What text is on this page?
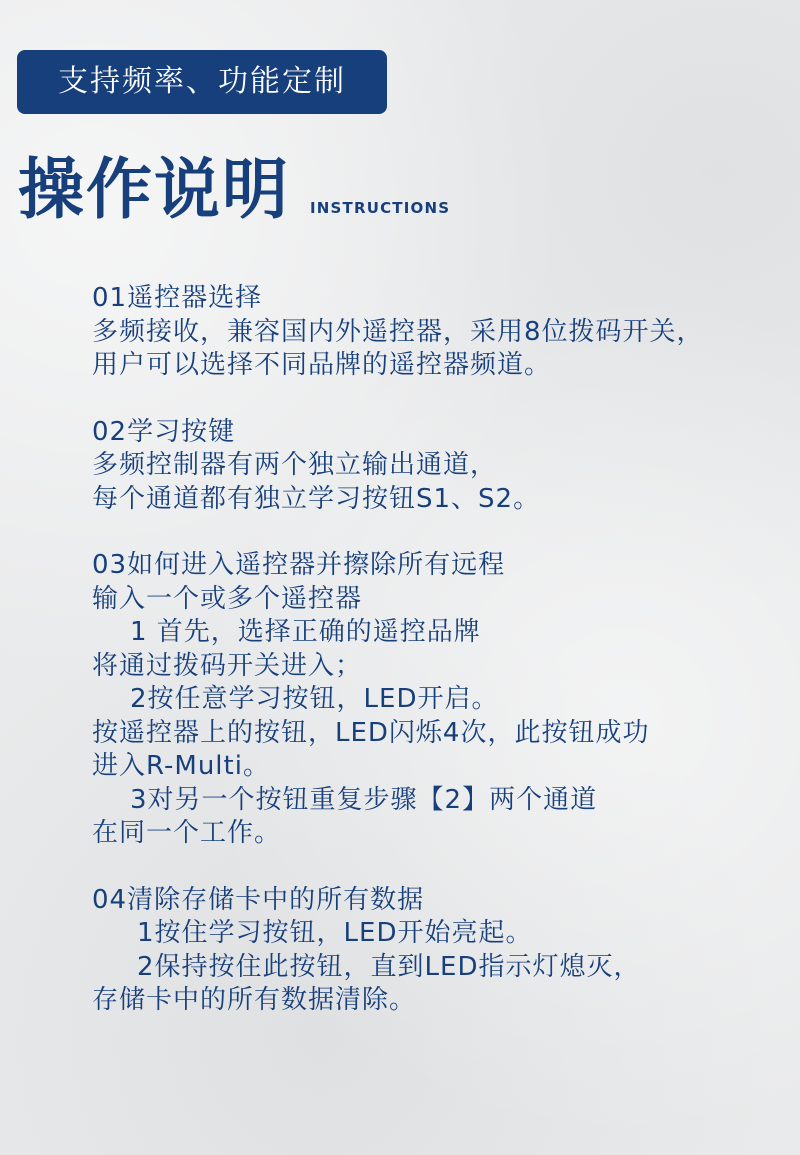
支持频率、功能定制
操作说明 INSTRUCTIONS
01遥控器选择
多频接收，兼容国内外遥控器，采用8位拨码开关，
用户可以选择不同品牌的遥控器频道。
02学习按键
多频控制器有两个独立输出通道，
每个通道都有独立学习按钮S1、S2。
03如何进入遥控器并擦除所有远程
输入一个或多个遥控器
1 首先，选择正确的遥控品牌
将通过拨码开关进入；
2按任意学习按钮，LED开启。
按遥控器上的按钮，LED闪烁4次，此按钮成功
进入R-Multi。
3对另一个按钮重复步骤【2】两个通道
在同一个工作。
04清除存储卡中的所有数据
1按住学习按钮，LED开始亮起。
2保持按住此按钮，直到LED指示灯熄灭，
存储卡中的所有数据清除。
